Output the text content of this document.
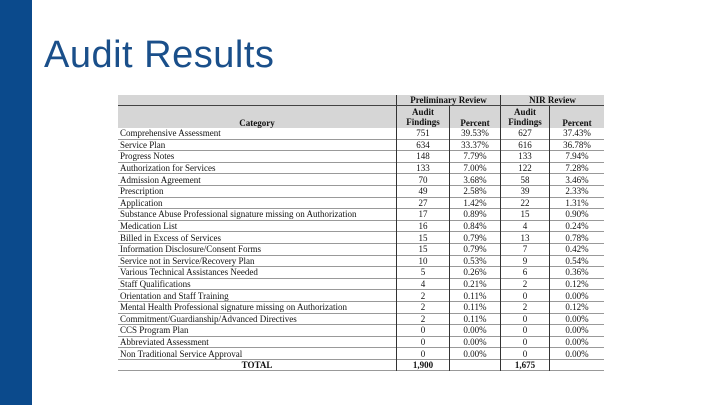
Audit Results
	Preliminary Review		NIR Review	
Category	Audit Findings	Percent	Audit Findings	Percent
Comprehensive Assessment	751	39.53%	627	37.43%
Service Plan	634	33.37%	616	36.78%
Progress Notes	148	7.79%	133	7.94%
Authorization for Services	133	7.00%	122	7.28%
Admission Agreement	70	3.68%	58	3.46%
Prescription	49	2.58%	39	2.33%
Application	27	1.42%	22	1.31%
Substance Abuse Professional signature missing on Authorization	17	0.89%	15	0.90%
Medication List	16	0.84%	4	0.24%
Billed in Excess of Services	15	0.79%	13	0.78%
Information Disclosure/Consent Forms	15	0.79%	7	0.42%
Service not in Service/Recovery Plan	10	0.53%	9	0.54%
Various Technical Assistances Needed	5	0.26%	6	0.36%
Staff Qualifications	4	0.21%	2	0.12%
Orientation and Staff Training	2	0.11%	0	0.00%
Mental Health Professional signature missing on Authorization	2	0.11%	2	0.12%
Commitment/Guardianship/Advanced Directives	2	0.11%	0	0.00%
CCS Program Plan	0	0.00%	0	0.00%
Abbreviated Assessment	0	0.00%	0	0.00%
Non Traditional Service Approval	0	0.00%	0	0.00%
TOTAL	1,900		1,675	
